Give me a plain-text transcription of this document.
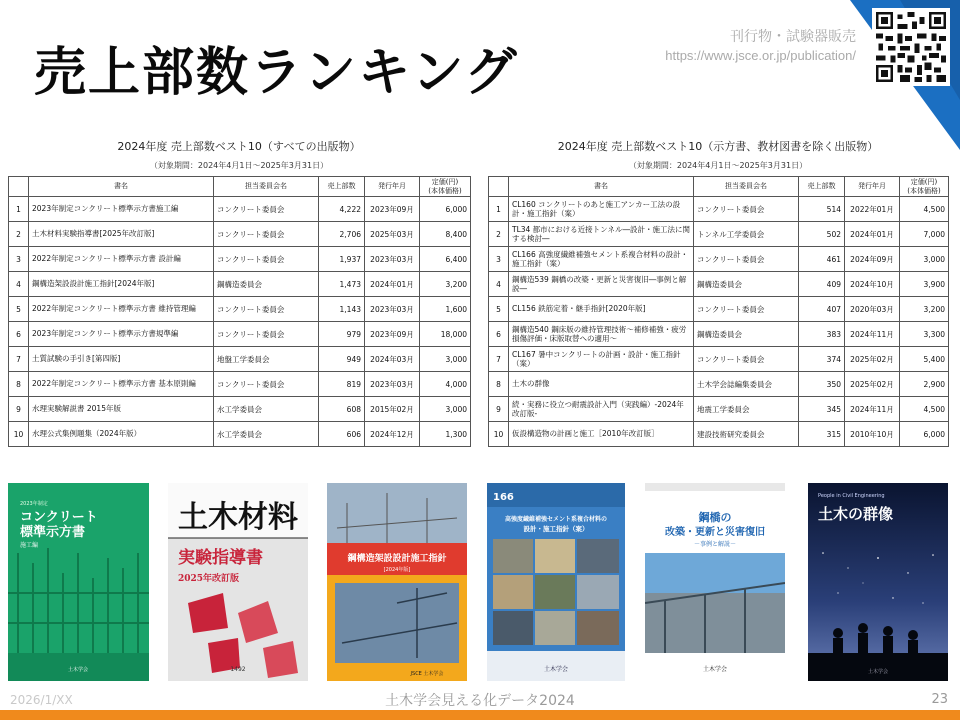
売上部数ランキング
刊行物・試験器販売
https://www.jsce.or.jp/publication/
2024年度 売上部数ベスト10（すべての出版物）
（対象期間：2024年4月1日～2025年3月31日）
	書名	担当委員会名	売上部数	発行年月	定価(円)
(本体価格)
1	2023年制定コンクリート標準示方書施工編	コンクリート委員会	4,222	2023年09月	6,000
2	土木材料実験指導書[2025年改訂版]	コンクリート委員会	2,706	2025年03月	8,400
3	2022年制定コンクリート標準示方書 設計編	コンクリート委員会	1,937	2023年03月	6,400
4	鋼構造架設設計施工指針[2024年版]	鋼構造委員会	1,473	2024年01月	3,200
5	2022年制定コンクリート標準示方書 維持管理編	コンクリート委員会	1,143	2023年03月	1,600
6	2023年制定コンクリート標準示方書規準編	コンクリート委員会	979	2023年09月	18,000
7	土質試験の手引き[第四版]	地盤工学委員会	949	2024年03月	3,000
8	2022年制定コンクリート標準示方書 基本原則編	コンクリート委員会	819	2023年03月	4,000
9	水理実験解説書 2015年版	水工学委員会	608	2015年02月	3,000
10	水理公式集例題集（2024年版）	水工学委員会	606	2024年12月	1,300
2024年度 売上部数ベスト10（示方書、教材図書を除く出版物）
（対象期間：2024年4月1日～2025年3月31日）
	書名	担当委員会名	売上部数	発行年月	定価(円)
(本体価格)
1	CL160 コンクリートのあと施工アンカー工法の設計・施工指針（案）	コンクリート委員会	514	2022年01月	4,500
2	TL34 都市における近接トンネル―設計・施工法に関する検討―	トンネル工学委員会	502	2024年01月	7,000
3	CL166 高強度繊維補強セメント系複合材料の設計・施工指針（案）	コンクリート委員会	461	2024年09月	3,000
4	鋼構造539 鋼橋の改築・更新と災害復旧―事例と解説―	鋼構造委員会	409	2024年10月	3,900
5	CL156 鉄筋定着・継手指針[2020年版]	コンクリート委員会	407	2020年03月	3,200
6	鋼構造540 鋼床版の維持管理技術～補修補強・疲労損傷評価・床版取替への適用～	鋼構造委員会	383	2024年11月	3,300
7	CL167 暑中コンクリートの計画・設計・施工指針（案）	コンクリート委員会	374	2025年02月	5,400
8	土木の群像	土木学会誌編集委員会	350	2025年02月	2,900
9	続・実務に役立つ耐震設計入門（実践編）-2024年改訂版-	地震工学委員会	345	2024年11月	4,500
10	仮設構造物の計画と施工［2010年改訂版］	建設技術研究委員会	315	2010年10月	6,000
2023年制定
コンクリート
標準示方書
施工編
土木学会
土木材料
実験指導書
2025年改訂版
1492
鋼構造架設設計施工指針
[2024年版]
JSCE 土木学会
166
高強度繊維補強セメント系複合材料の
設計・施工指針（案）
土木学会
鋼橋の
改築・更新と災害復旧
－事例と解説－
土木学会
People in Civil Engineering
土木の群像
土木学会
2026/1/XX	土木学会見える化データ2024	23
